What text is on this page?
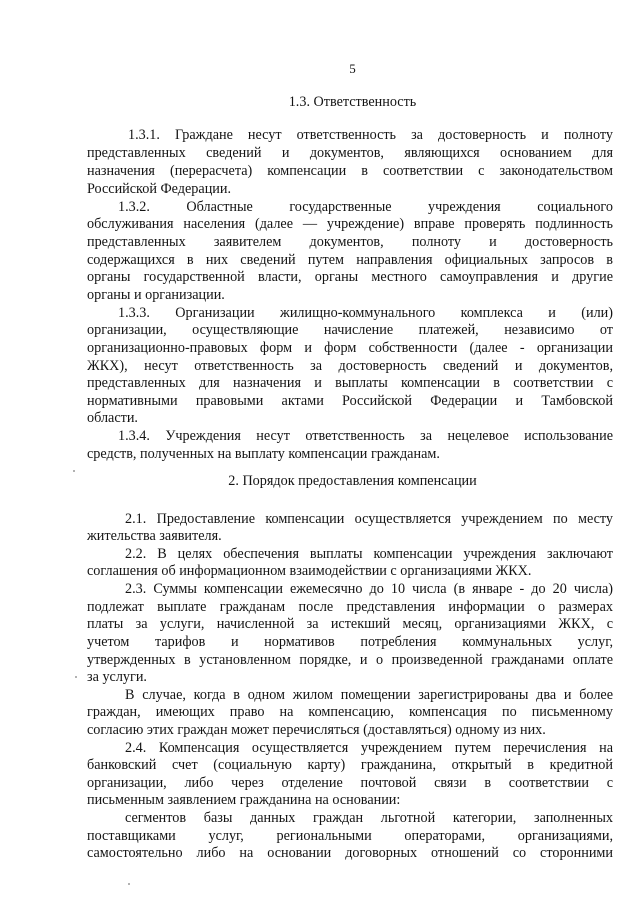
5
1.3. Ответственность
1.3.1. Граждане несут ответственность за достоверность и полноту
представленных сведений и документов, являющихся основанием для
назначения (перерасчета) компенсации в соответствии с законодательством
Российской Федерации.
1.3.2. Областные государственные учреждения социального
обслуживания населения (далее — учреждение) вправе проверять подлинность
представленных заявителем документов, полноту и достоверность
содержащихся в них сведений путем направления официальных запросов в
органы государственной власти, органы местного самоуправления и другие
органы и организации.
1.3.3. Организации жилищно-коммунального комплекса и (или)
организации, осуществляющие начисление платежей, независимо от
организационно-правовых форм и форм собственности (далее - организации
ЖКХ), несут ответственность за достоверность сведений и документов,
представленных для назначения и выплаты компенсации в соответствии с
нормативными правовыми актами Российской Федерации и Тамбовской
области.
1.3.4. Учреждения несут ответственность за нецелевое использование
средств, полученных на выплату компенсации гражданам.
2. Порядок предоставления компенсации
2.1. Предоставление компенсации осуществляется учреждением по месту
жительства заявителя.
2.2. В целях обеспечения выплаты компенсации учреждения заключают
соглашения об информационном взаимодействии с организациями ЖКХ.
2.3. Суммы компенсации ежемесячно до 10 числа (в январе - до 20 числа)
подлежат выплате гражданам после представления информации о размерах
платы за услуги, начисленной за истекший месяц, организациями ЖКХ, с
учетом тарифов и нормативов потребления коммунальных услуг,
утвержденных в установленном порядке, и о произведенной гражданами оплате
за услуги.
В случае, когда в одном жилом помещении зарегистрированы два и более
граждан, имеющих право на компенсацию, компенсация по письменному
согласию этих граждан может перечисляться (доставляться) одному из них.
2.4. Компенсация осуществляется учреждением путем перечисления на
банковский счет (социальную карту) гражданина, открытый в кредитной
организации, либо через отделение почтовой связи в соответствии с
письменным заявлением гражданина на основании:
сегментов базы данных граждан льготной категории, заполненных
поставщиками услуг, региональными операторами, организациями,
самостоятельно либо на основании договорных отношений со сторонними
